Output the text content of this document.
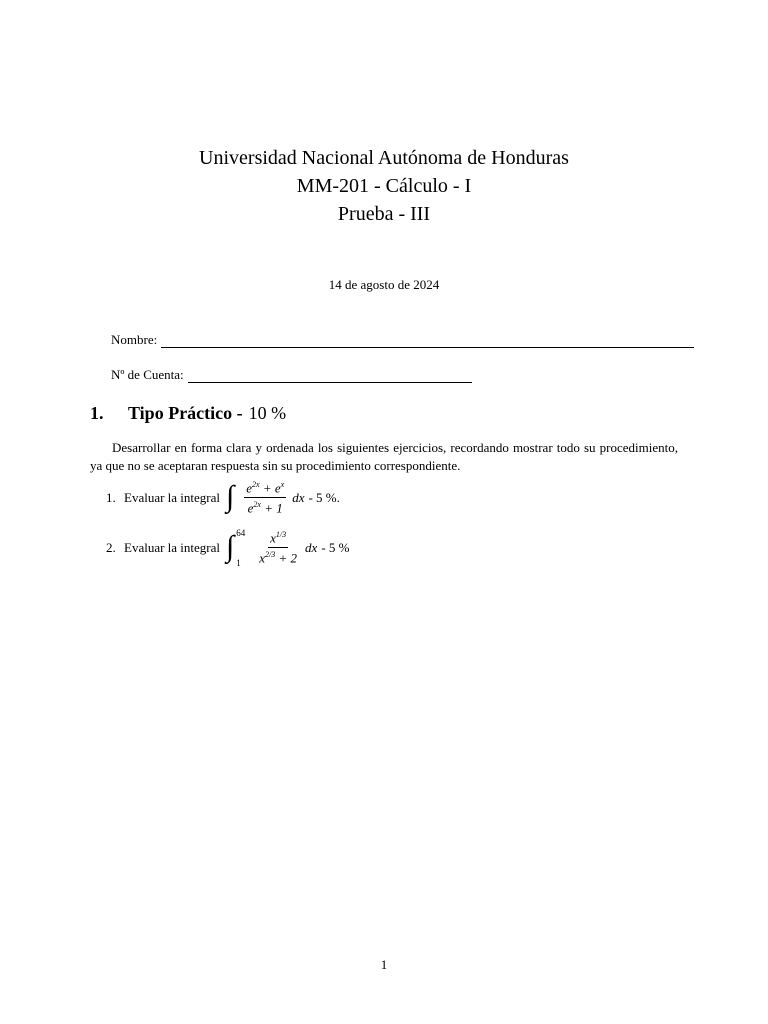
Universidad Nacional Autónoma de Honduras
MM-201 - Cálculo - I
Prueba - III
14 de agosto de 2024
Nombre:
Nº de Cuenta:
1.	Tipo Práctico - 10 %
Desarrollar en forma clara y ordenada los siguientes ejercicios, recordando mostrar todo su procedimiento, ya que no se aceptaran respuesta sin su procedimiento correspondiente.
1. Evaluar la integral ∫ $\frac{e^{2x} + e^x}{e^{2x} + 1}$ dx - 5 %.
2. Evaluar la integral ∫ 64
1	$\frac{x^{1/3}}{x^{2/3} + 2}$ dx - 5 %
1
